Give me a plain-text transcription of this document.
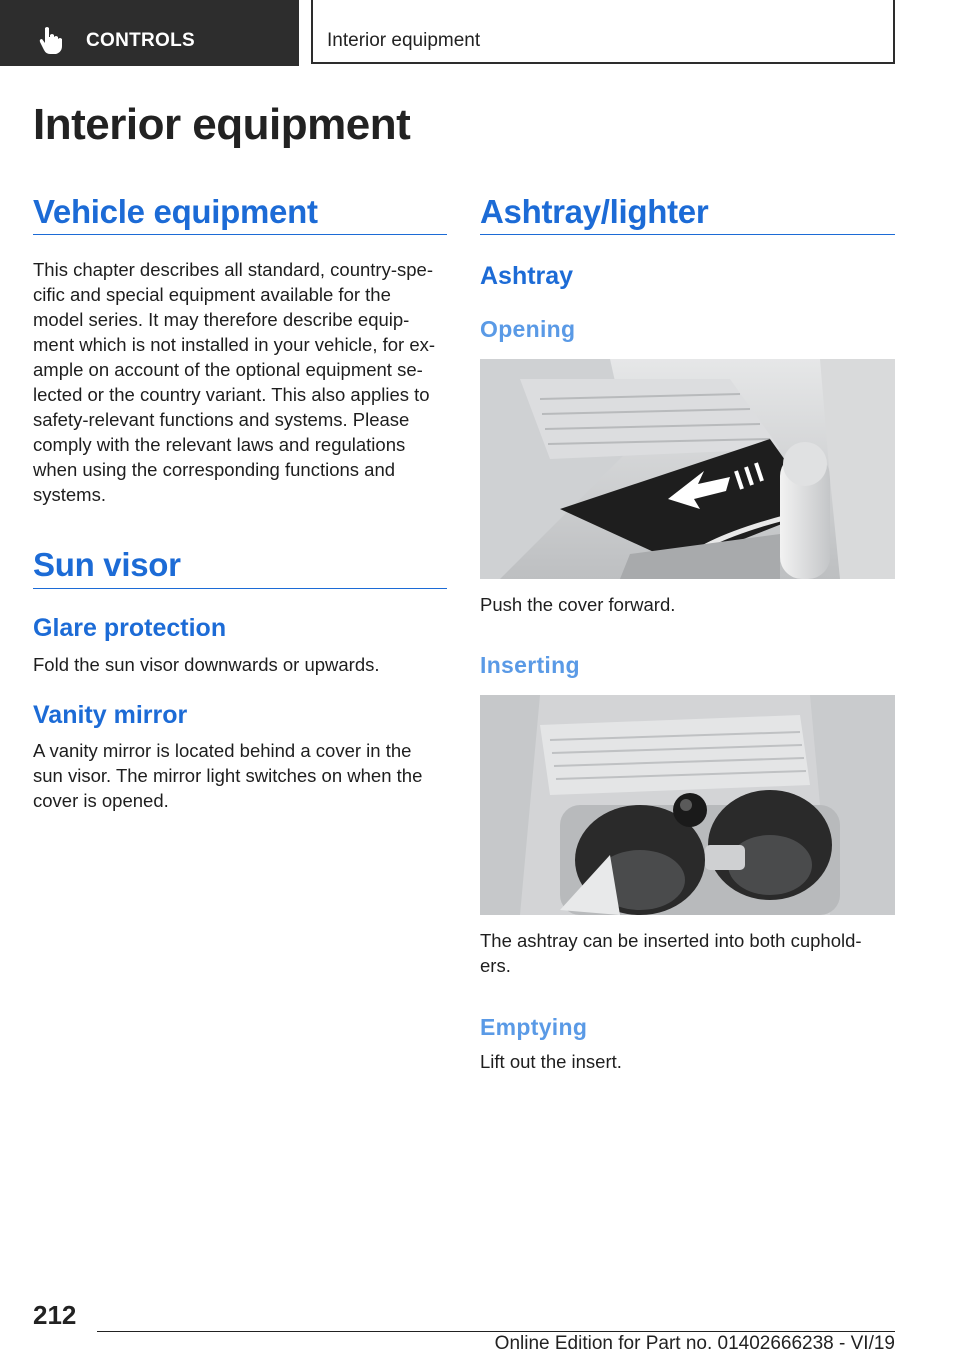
CONTROLS	Interior equipment
Interior equipment
Vehicle equipment

This chapter describes all standard, country-spe‐
cific and special equipment available for the
model series. It may therefore describe equip‐
ment which is not installed in your vehicle, for ex‐
ample on account of the optional equipment se‐
lected or the country variant. This also applies to
safety-relevant functions and systems. Please
comply with the relevant laws and regulations
when using the corresponding functions and
systems.

Sun visor
Glare protection

Fold the sun visor downwards or upwards.

Vanity mirror

A vanity mirror is located behind a cover in the
sun visor. The mirror light switches on when the
cover is opened.

Ashtray/lighter
Ashtray
Opening

Push the cover forward.

Inserting

The ashtray can be inserted into both cuphold‐
ers.

Emptying

Lift out the insert.

212
Online Edition for Part no. 01402666238 - VI/19
